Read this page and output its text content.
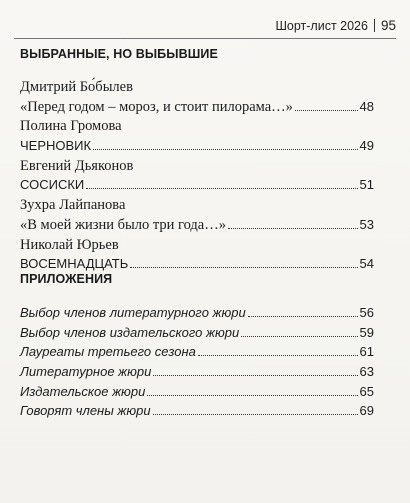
Шорт-лист 2026 95
ВЫБРАННЫЕ, НО ВЫБЫВШИЕ
Дмитрий Бо́былев
«Перед годом – мороз, и стоит пилорама…»	48
Полина Громова
ЧЕРНОВИК	49
Евгений Дьяконов
СОСИСКИ	51
Зухра Лайпанова
«В моей жизни было три года…»	53
Николай Юрьев
ВОСЕМНАДЦАТЬ	54
ПРИЛОЖЕНИЯ
Выбор членов литературного жюри	56
Выбор членов издательского жюри	59
Лауреаты третьего сезона	61
Литературное жюри	63
Издательское жюри	65
Говорят члены жюри	69
